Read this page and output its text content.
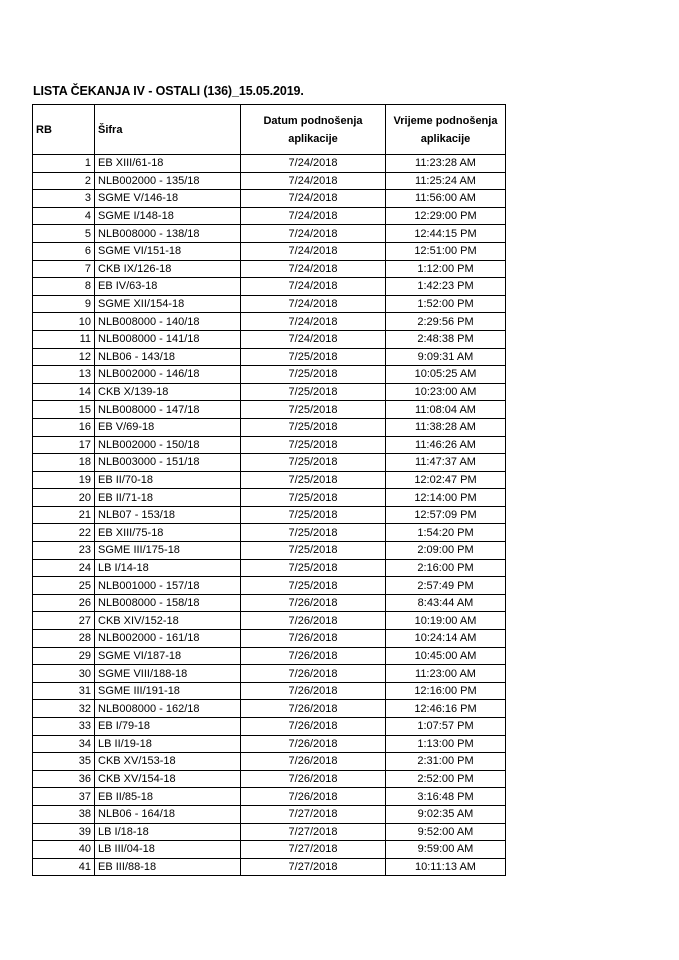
LISTA ČEKANJA IV - OSTALI (136)_15.05.2019.
RB	Šifra	Datum podnošenja aplikacije	Vrijeme podnošenja aplikacije
1	EB XIII/61-18	7/24/2018	11:23:28 AM
2	NLB002000 - 135/18	7/24/2018	11:25:24 AM
3	SGME V/146-18	7/24/2018	11:56:00 AM
4	SGME I/148-18	7/24/2018	12:29:00 PM
5	NLB008000 - 138/18	7/24/2018	12:44:15 PM
6	SGME VI/151-18	7/24/2018	12:51:00 PM
7	CKB IX/126-18	7/24/2018	1:12:00 PM
8	EB IV/63-18	7/24/2018	1:42:23 PM
9	SGME XII/154-18	7/24/2018	1:52:00 PM
10	NLB008000 - 140/18	7/24/2018	2:29:56 PM
11	NLB008000 - 141/18	7/24/2018	2:48:38 PM
12	NLB06 - 143/18	7/25/2018	9:09:31 AM
13	NLB002000 - 146/18	7/25/2018	10:05:25 AM
14	CKB X/139-18	7/25/2018	10:23:00 AM
15	NLB008000 - 147/18	7/25/2018	11:08:04 AM
16	EB V/69-18	7/25/2018	11:38:28 AM
17	NLB002000 - 150/18	7/25/2018	11:46:26 AM
18	NLB003000 - 151/18	7/25/2018	11:47:37 AM
19	EB II/70-18	7/25/2018	12:02:47 PM
20	EB II/71-18	7/25/2018	12:14:00 PM
21	NLB07 - 153/18	7/25/2018	12:57:09 PM
22	EB XIII/75-18	7/25/2018	1:54:20 PM
23	SGME III/175-18	7/25/2018	2:09:00 PM
24	LB I/14-18	7/25/2018	2:16:00 PM
25	NLB001000 - 157/18	7/25/2018	2:57:49 PM
26	NLB008000 - 158/18	7/26/2018	8:43:44 AM
27	CKB XIV/152-18	7/26/2018	10:19:00 AM
28	NLB002000 - 161/18	7/26/2018	10:24:14 AM
29	SGME VI/187-18	7/26/2018	10:45:00 AM
30	SGME VIII/188-18	7/26/2018	11:23:00 AM
31	SGME III/191-18	7/26/2018	12:16:00 PM
32	NLB008000 - 162/18	7/26/2018	12:46:16 PM
33	EB I/79-18	7/26/2018	1:07:57 PM
34	LB II/19-18	7/26/2018	1:13:00 PM
35	CKB XV/153-18	7/26/2018	2:31:00 PM
36	CKB XV/154-18	7/26/2018	2:52:00 PM
37	EB II/85-18	7/26/2018	3:16:48 PM
38	NLB06 - 164/18	7/27/2018	9:02:35 AM
39	LB I/18-18	7/27/2018	9:52:00 AM
40	LB III/04-18	7/27/2018	9:59:00 AM
41	EB III/88-18	7/27/2018	10:11:13 AM
